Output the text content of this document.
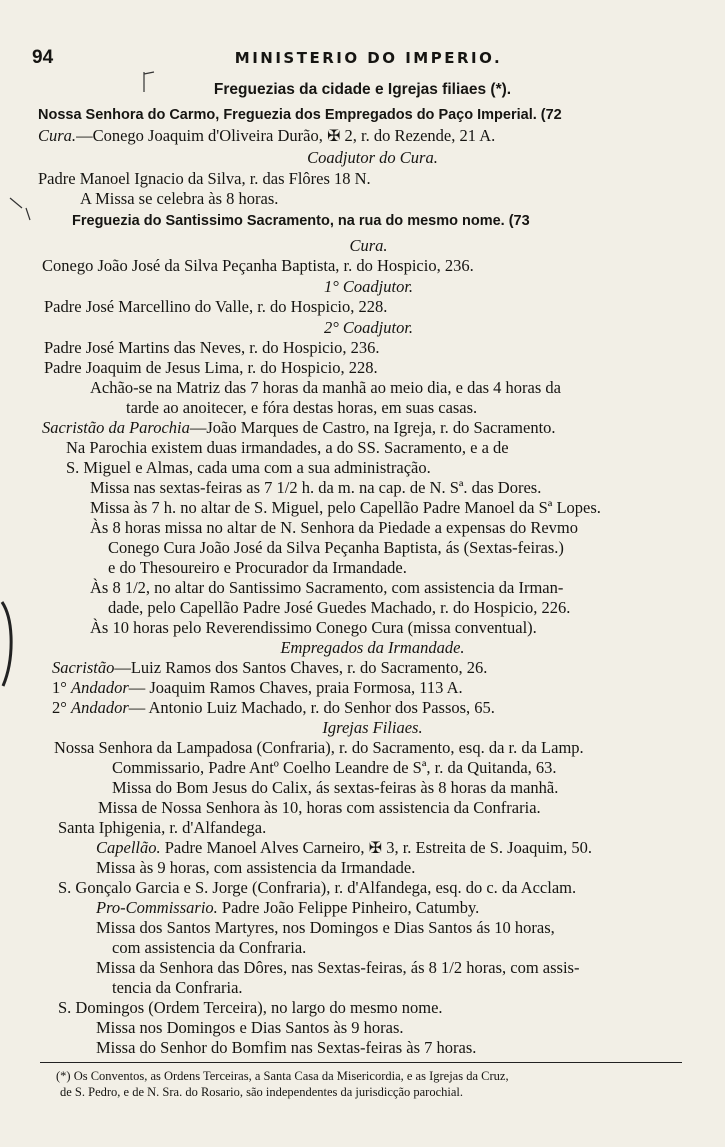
94	MINISTERIO DO IMPERIO.
Freguezias da cidade e Igrejas filiaes (*).
Nossa Senhora do Carmo, Freguezia dos Empregados do Paço Imperial. (72
Cura.—Conego Joaquim d'Oliveira Durão, ✠ 2, r. do Rezende, 21 A.
Coadjutor do Cura.
Padre Manoel Ignacio da Silva, r. das Flôres 18 N.
A Missa se celebra às 8 horas.
Freguezia do Santissimo Sacramento, na rua do mesmo nome. (73
Cura.
Conego João José da Silva Peçanha Baptista, r. do Hospicio, 236.
1° Coadjutor.
Padre José Marcellino do Valle, r. do Hospicio, 228.
2° Coadjutor.
Padre José Martins das Neves, r. do Hospicio, 236.
Padre Joaquim de Jesus Lima, r. do Hospicio, 228.
Achão-se na Matriz das 7 horas da manhã ao meio dia, e das 4 horas da
tarde ao anoitecer, e fóra destas horas, em suas casas.
Sacristão da Parochia—João Marques de Castro, na Igreja, r. do Sacramento.
Na Parochia existem duas irmandades, a do SS. Sacramento, e a de
S. Miguel e Almas, cada uma com a sua administração.
Missa nas sextas-feiras as 7 1/2 h. da m. na cap. de N. Sª. das Dores.
Missa às 7 h. no altar de S. Miguel, pelo Capellão Padre Manoel da Sª Lopes.
Às 8 horas missa no altar de N. Senhora da Piedade a expensas do Revmo
Conego Cura João José da Silva Peçanha Baptista, ás (Sextas-feiras.)
e do Thesoureiro e Procurador da Irmandade.
Às 8 1/2, no altar do Santissimo Sacramento, com assistencia da Irman-
dade, pelo Capellão Padre José Guedes Machado, r. do Hospicio, 226.
Às 10 horas pelo Reverendissimo Conego Cura (missa conventual).
Empregados da Irmandade.
Sacristão—Luiz Ramos dos Santos Chaves, r. do Sacramento, 26.
1° Andador— Joaquim Ramos Chaves, praia Formosa, 113 A.
2° Andador— Antonio Luiz Machado, r. do Senhor dos Passos, 65.
Igrejas Filiaes.
Nossa Senhora da Lampadosa (Confraria), r. do Sacramento, esq. da r. da Lamp.
Commissario, Padre Antº Coelho Leandre de Sª, r. da Quitanda, 63.
Missa do Bom Jesus do Calix, ás sextas-feiras às 8 horas da manhã.
Missa de Nossa Senhora às 10, horas com assistencia da Confraria.
Santa Iphigenia, r. d'Alfandega.
Capellão. Padre Manoel Alves Carneiro, ✠ 3, r. Estreita de S. Joaquim, 50.
Missa às 9 horas, com assistencia da Irmandade.
S. Gonçalo Garcia e S. Jorge (Confraria), r. d'Alfandega, esq. do c. da Acclam.
Pro-Commissario. Padre João Felippe Pinheiro, Catumby.
Missa dos Santos Martyres, nos Domingos e Dias Santos ás 10 horas,
com assistencia da Confraria.
Missa da Senhora das Dôres, nas Sextas-feiras, ás 8 1/2 horas, com assis-
tencia da Confraria.
S. Domingos (Ordem Terceira), no largo do mesmo nome.
Missa nos Domingos e Dias Santos às 9 horas.
Missa do Senhor do Bomfim nas Sextas-feiras às 7 horas.
(*) Os Conventos, as Ordens Terceiras, a Santa Casa da Misericordia, e as Igrejas da Cruz,
de S. Pedro, e de N. Sra. do Rosario, são independentes da jurisdicção parochial.
